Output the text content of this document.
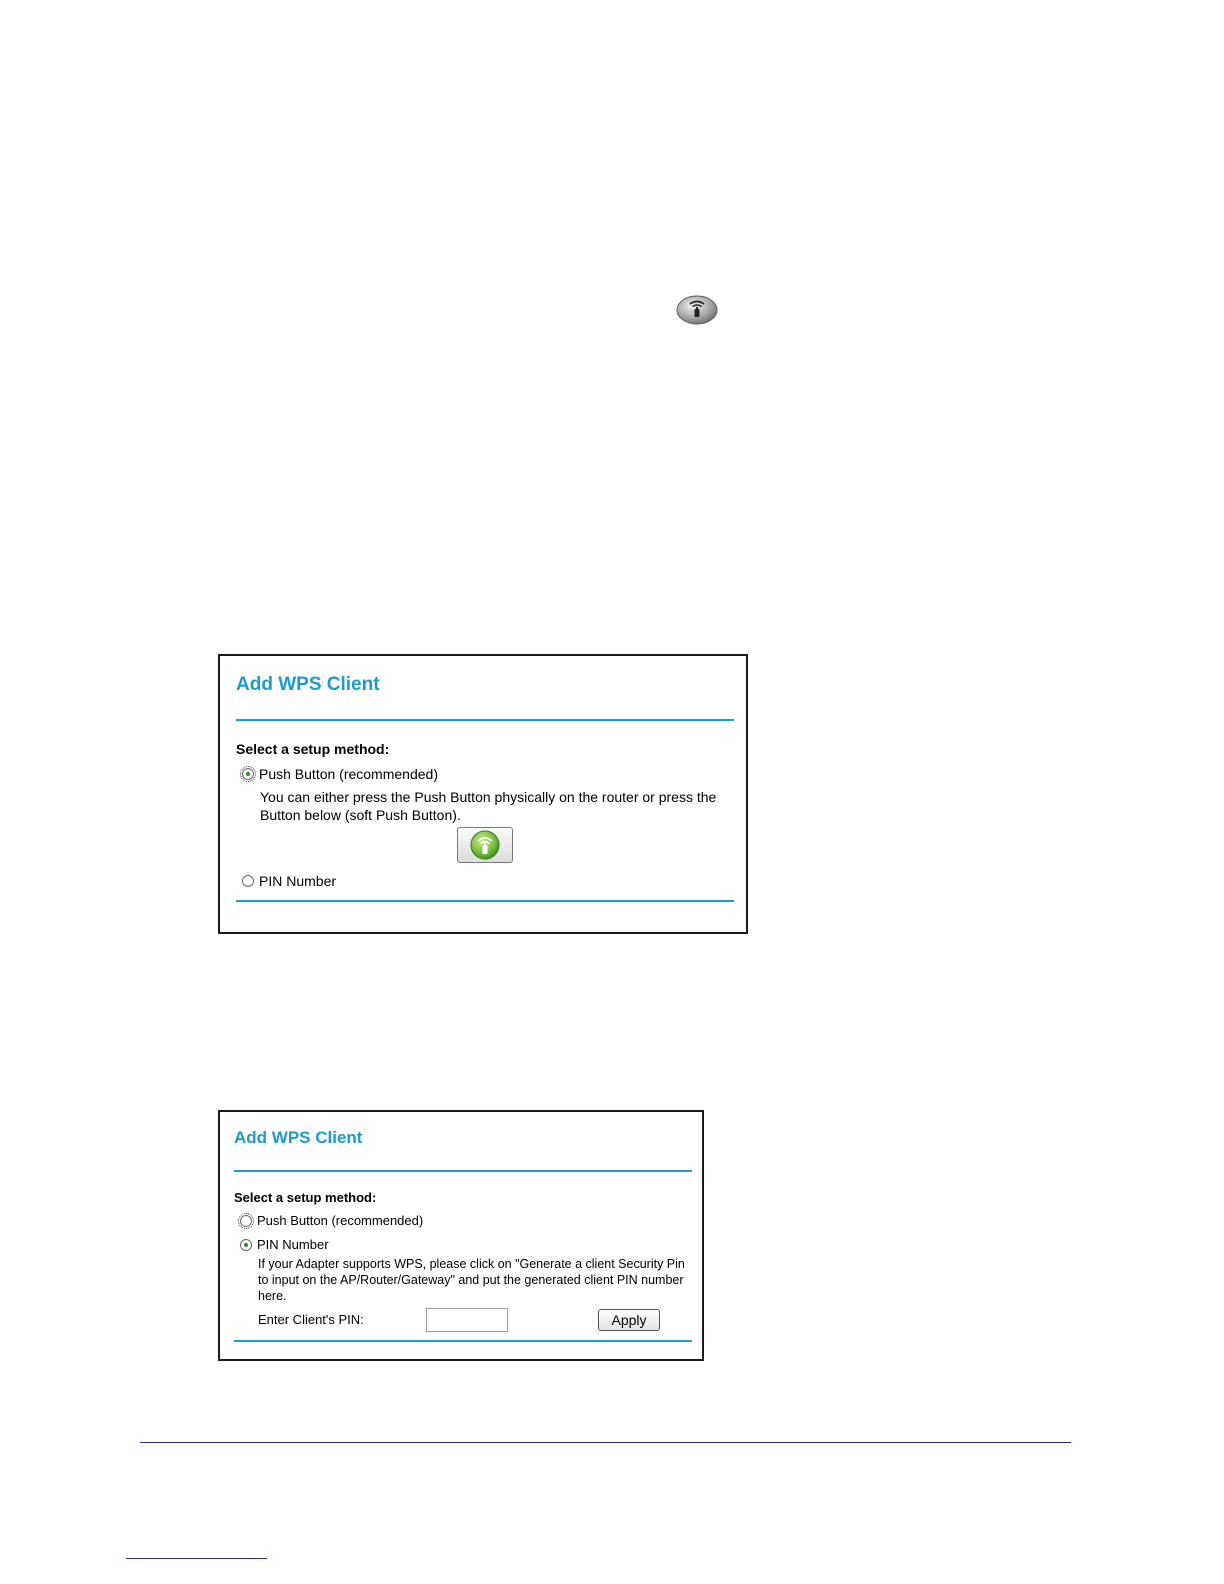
Add WPS Client
Select a setup method:
Push Button (recommended)
You can either press the Push Button physically on the router or press the Button below (soft Push Button).
PIN Number
Add WPS Client
Select a setup method:
Push Button (recommended)
PIN Number
If your Adapter supports WPS, please click on "Generate a client Security Pin to input on the AP/Router/Gateway" and put the generated client PIN number here.
Enter Client's PIN:	Apply
